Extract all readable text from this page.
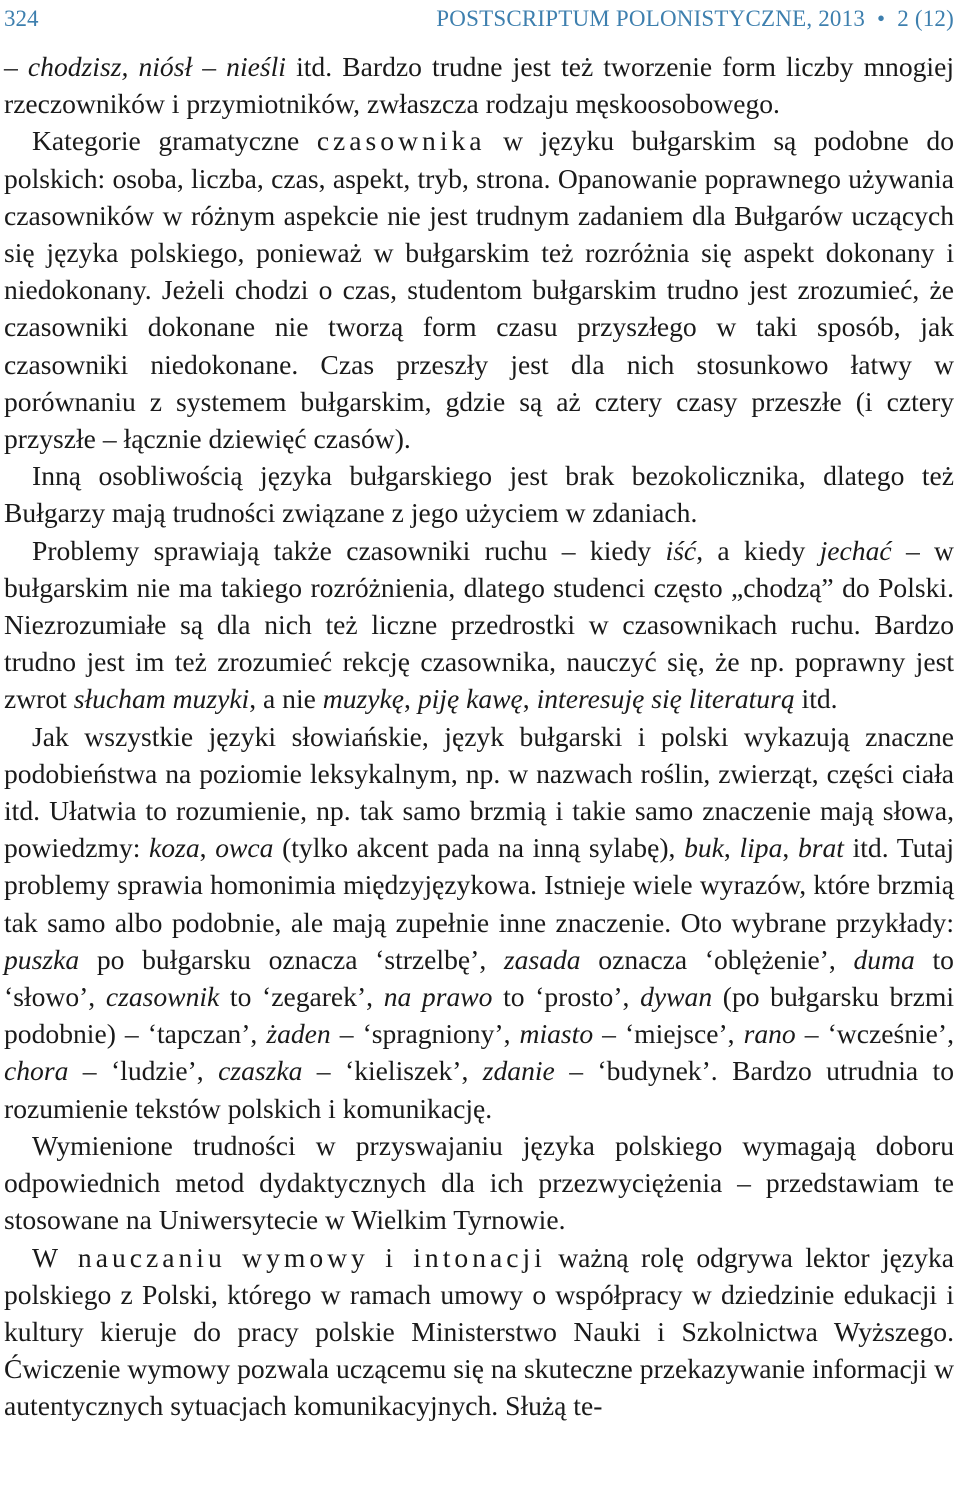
324	POSTSCRIPTUM POLONISTYCZNE, 2013 • 2 (12)

– chodzisz, niósł – nieśli itd. Bardzo trudne jest też tworzenie form liczby mnogiej rzeczowników i przymiotników, zwłaszcza rodzaju męskoosobowego.

Kategorie gramatyczne czasownika w języku bułgarskim są podobne do polskich: osoba, liczba, czas, aspekt, tryb, strona. Opanowanie poprawnego używania czasowników w różnym aspekcie nie jest trudnym zadaniem dla Bułgarów uczących się języka polskiego, ponieważ w bułgarskim też rozróżnia się aspekt dokonany i niedokonany. Jeżeli chodzi o czas, studentom bułgarskim trudno jest zrozumieć, że czasowniki dokonane nie tworzą form czasu przyszłego w taki sposób, jak czasowniki niedokonane. Czas przeszły jest dla nich stosunkowo łatwy w porównaniu z systemem bułgarskim, gdzie są aż cztery czasy przeszłe (i cztery przyszłe – łącznie dziewięć czasów).

Inną osobliwością języka bułgarskiego jest brak bezokolicznika, dlatego też Bułgarzy mają trudności związane z jego użyciem w zdaniach.

Problemy sprawiają także czasowniki ruchu – kiedy iść, a kiedy jechać – w bułgarskim nie ma takiego rozróżnienia, dlatego studenci często „chodzą” do Polski. Niezrozumiałe są dla nich też liczne przedrostki w czasownikach ruchu. Bardzo trudno jest im też zrozumieć rekcję czasownika, nauczyć się, że np. poprawny jest zwrot słucham muzyki, a nie muzykę, piję kawę, interesuję się literaturą itd.

Jak wszystkie języki słowiańskie, język bułgarski i polski wykazują znaczne podobieństwa na poziomie leksykalnym, np. w nazwach roślin, zwierząt, części ciała itd. Ułatwia to rozumienie, np. tak samo brzmią i takie samo znaczenie mają słowa, powiedzmy: koza, owca (tylko akcent pada na inną sylabę), buk, lipa, brat itd. Tutaj problemy sprawia homonimia międzyjęzykowa. Istnieje wiele wyrazów, które brzmią tak samo albo podobnie, ale mają zupełnie inne znaczenie. Oto wybrane przykłady: puszka po bułgarsku oznacza ‘strzelbę’, zasada oznacza ‘oblężenie’, duma to ‘słowo’, czasownik to ‘zegarek’, na prawo to ‘prosto’, dywan (po bułgarsku brzmi podobnie) – ‘tapczan’, żaden – ‘spragniony’, miasto – ‘miejsce’, rano – ‘wcześnie’, chora – ‘ludzie’, czaszka – ‘kieliszek’, zdanie – ‘budynek’. Bardzo utrudnia to rozumienie tekstów polskich i komunikację.

Wymienione trudności w przyswajaniu języka polskiego wymagają doboru odpowiednich metod dydaktycznych dla ich przezwyciężenia – przedstawiam te stosowane na Uniwersytecie w Wielkim Tyrnowie.

W nauczaniu wymowy i intonacji ważną rolę odgrywa lektor języka polskiego z Polski, którego w ramach umowy o współpracy w dziedzinie edukacji i kultury kieruje do pracy polskie Ministerstwo Nauki i Szkolnictwa Wyższego. Ćwiczenie wymowy pozwala uczącemu się na skuteczne przekazywanie informacji w autentycznych sytuacjach komunikacyjnych. Służą te-
